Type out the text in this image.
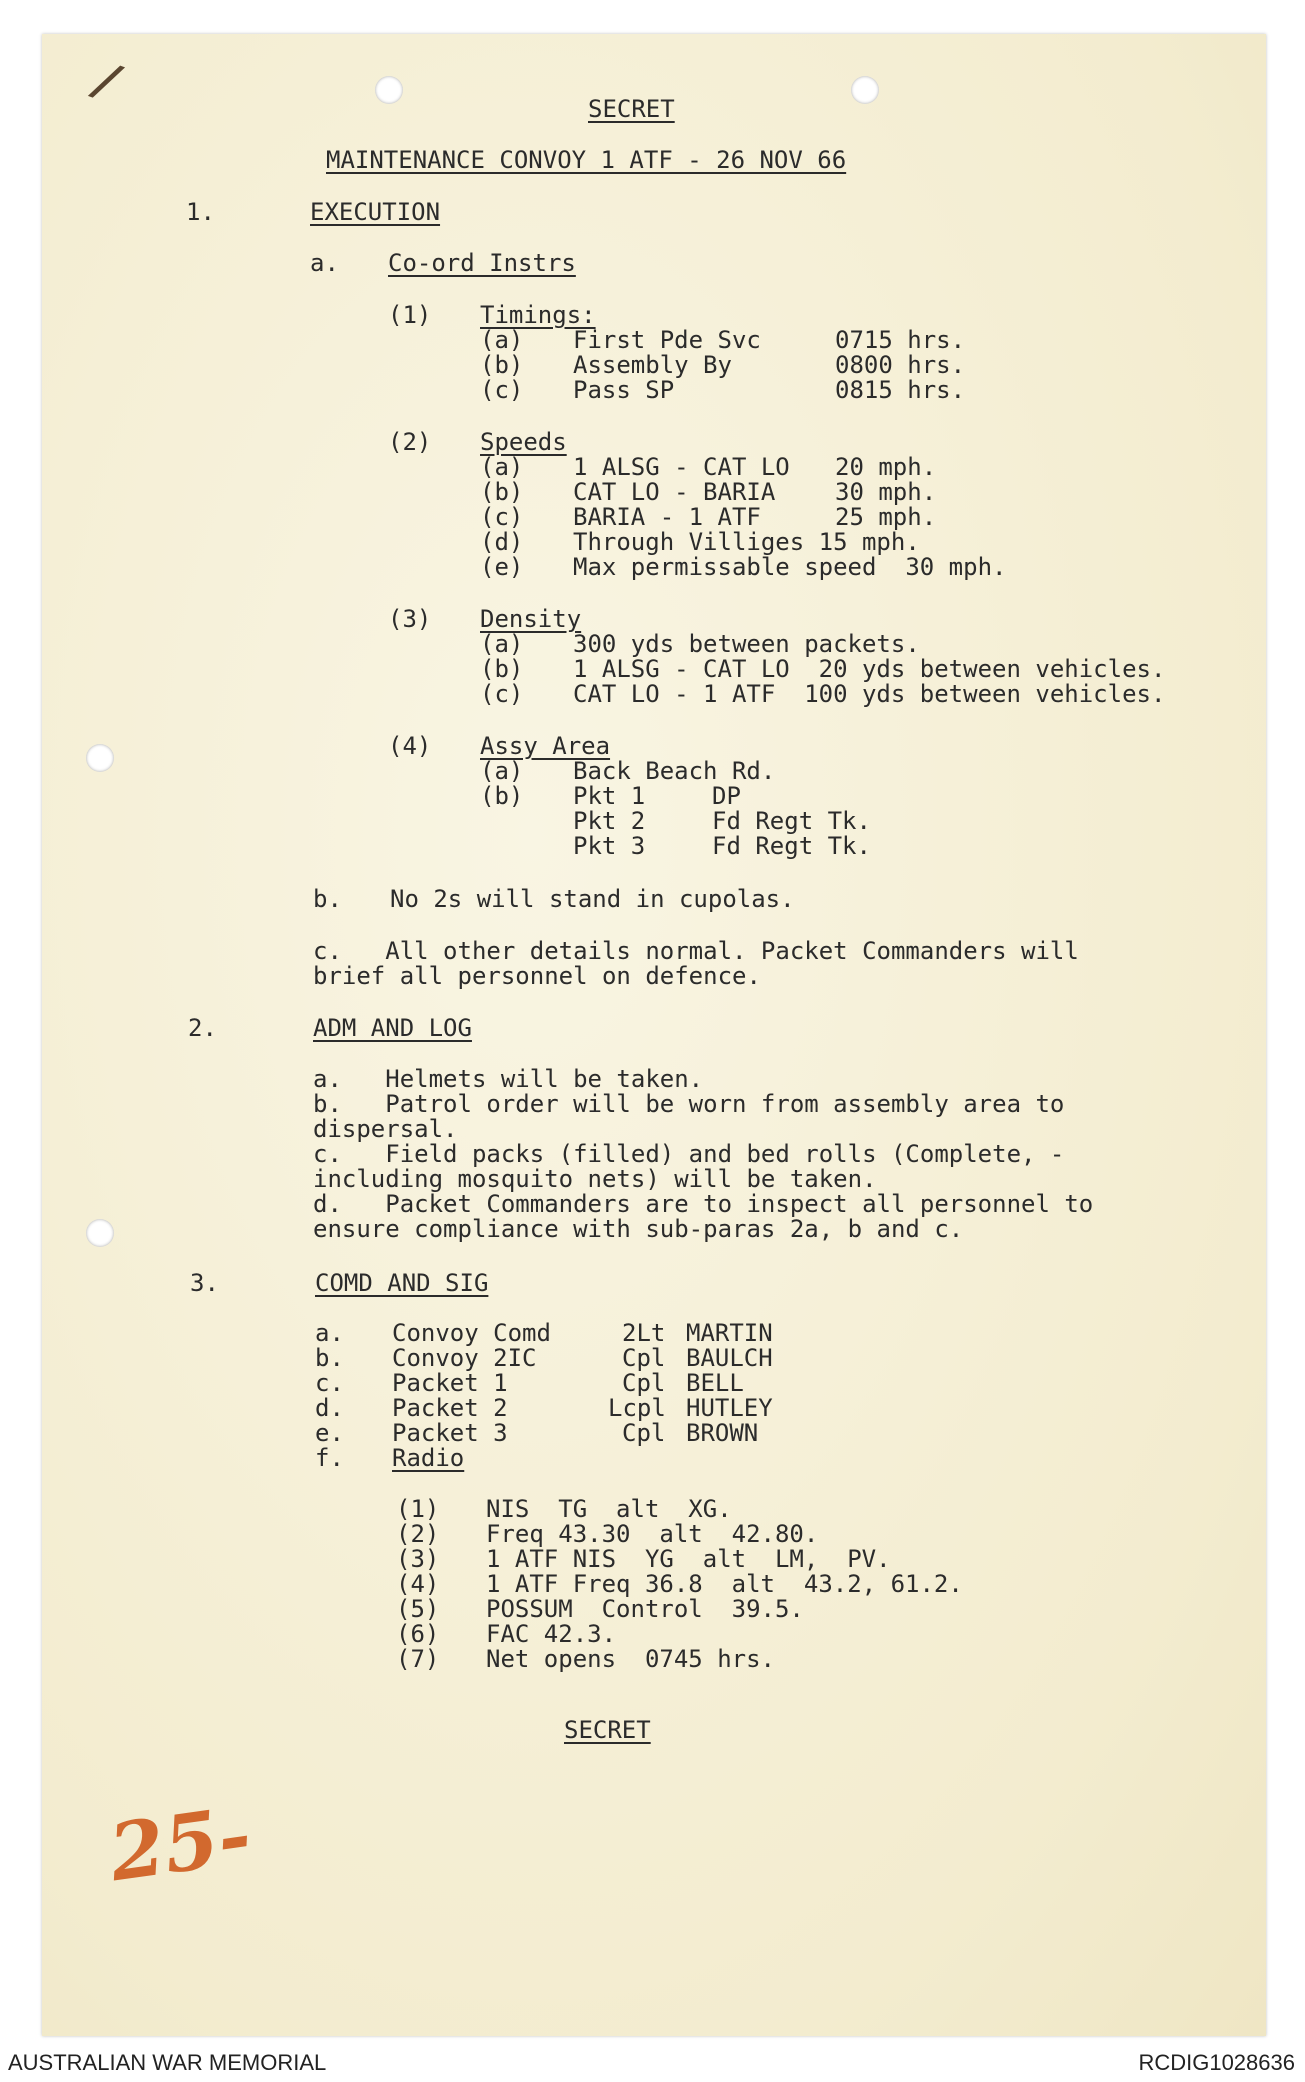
/	SECRET
MAINTENANCE CONVOY 1 ATF - 26 NOV 66
1.	EXECUTION
a. Co-ord Instrs
(1) Timings:
(a) First Pde Svc	0715 hrs.
(b) Assembly By	0800 hrs.
(c) Pass SP	0815 hrs.
(2) Speeds
(a) 1 ALSG - CAT LO 20 mph.
(b) CAT LO - BARIA 30 mph.
(c) BARIA - 1 ATF	25 mph.
(d) Through Villiges 15 mph.
(e) Max permissable speed  30 mph.
(3) Density
(a) 300 yds between packets.
(b) 1 ALSG - CAT LO  20 yds between vehicles.
(c) CAT LO - 1 ATF  100 yds between vehicles.
(4) Assy Area
(a) Back Beach Rd.
(b) Pkt 1	DP
Pkt 2	Fd Regt Tk.
Pkt 3	Fd Regt Tk.
b. No 2s will stand in cupolas.
c.   All other details normal. Packet Commanders will
brief all personnel on defence.
2.	ADM AND LOG
a.   Helmets will be taken.
b.   Patrol order will be worn from assembly area to
dispersal.
c.   Field packs (filled) and bed rolls (Complete, -
including mosquito nets) will be taken.
d.   Packet Commanders are to inspect all personnel to
ensure compliance with sub-paras 2a, b and c.
3.	COMD AND SIG
a. Convoy Comd	2Lt MARTIN
b. Convoy 2IC	Cpl BAULCH
c. Packet 1	Cpl BELL
d. Packet 2	Lcpl HUTLEY
e. Packet 3	Cpl BROWN
f. Radio
(1) NIS  TG  alt  XG.
(2) Freq 43.30  alt  42.80.
(3) 1 ATF NIS  YG  alt  LM,  PV.
(4) 1 ATF Freq 36.8  alt  43.2, 61.2.
(5) POSSUM  Control  39.5.
(6) FAC 42.3.
(7) Net opens  0745 hrs.
SECRET
25-
AUSTRALIAN WAR MEMORIAL	RCDIG1028636
